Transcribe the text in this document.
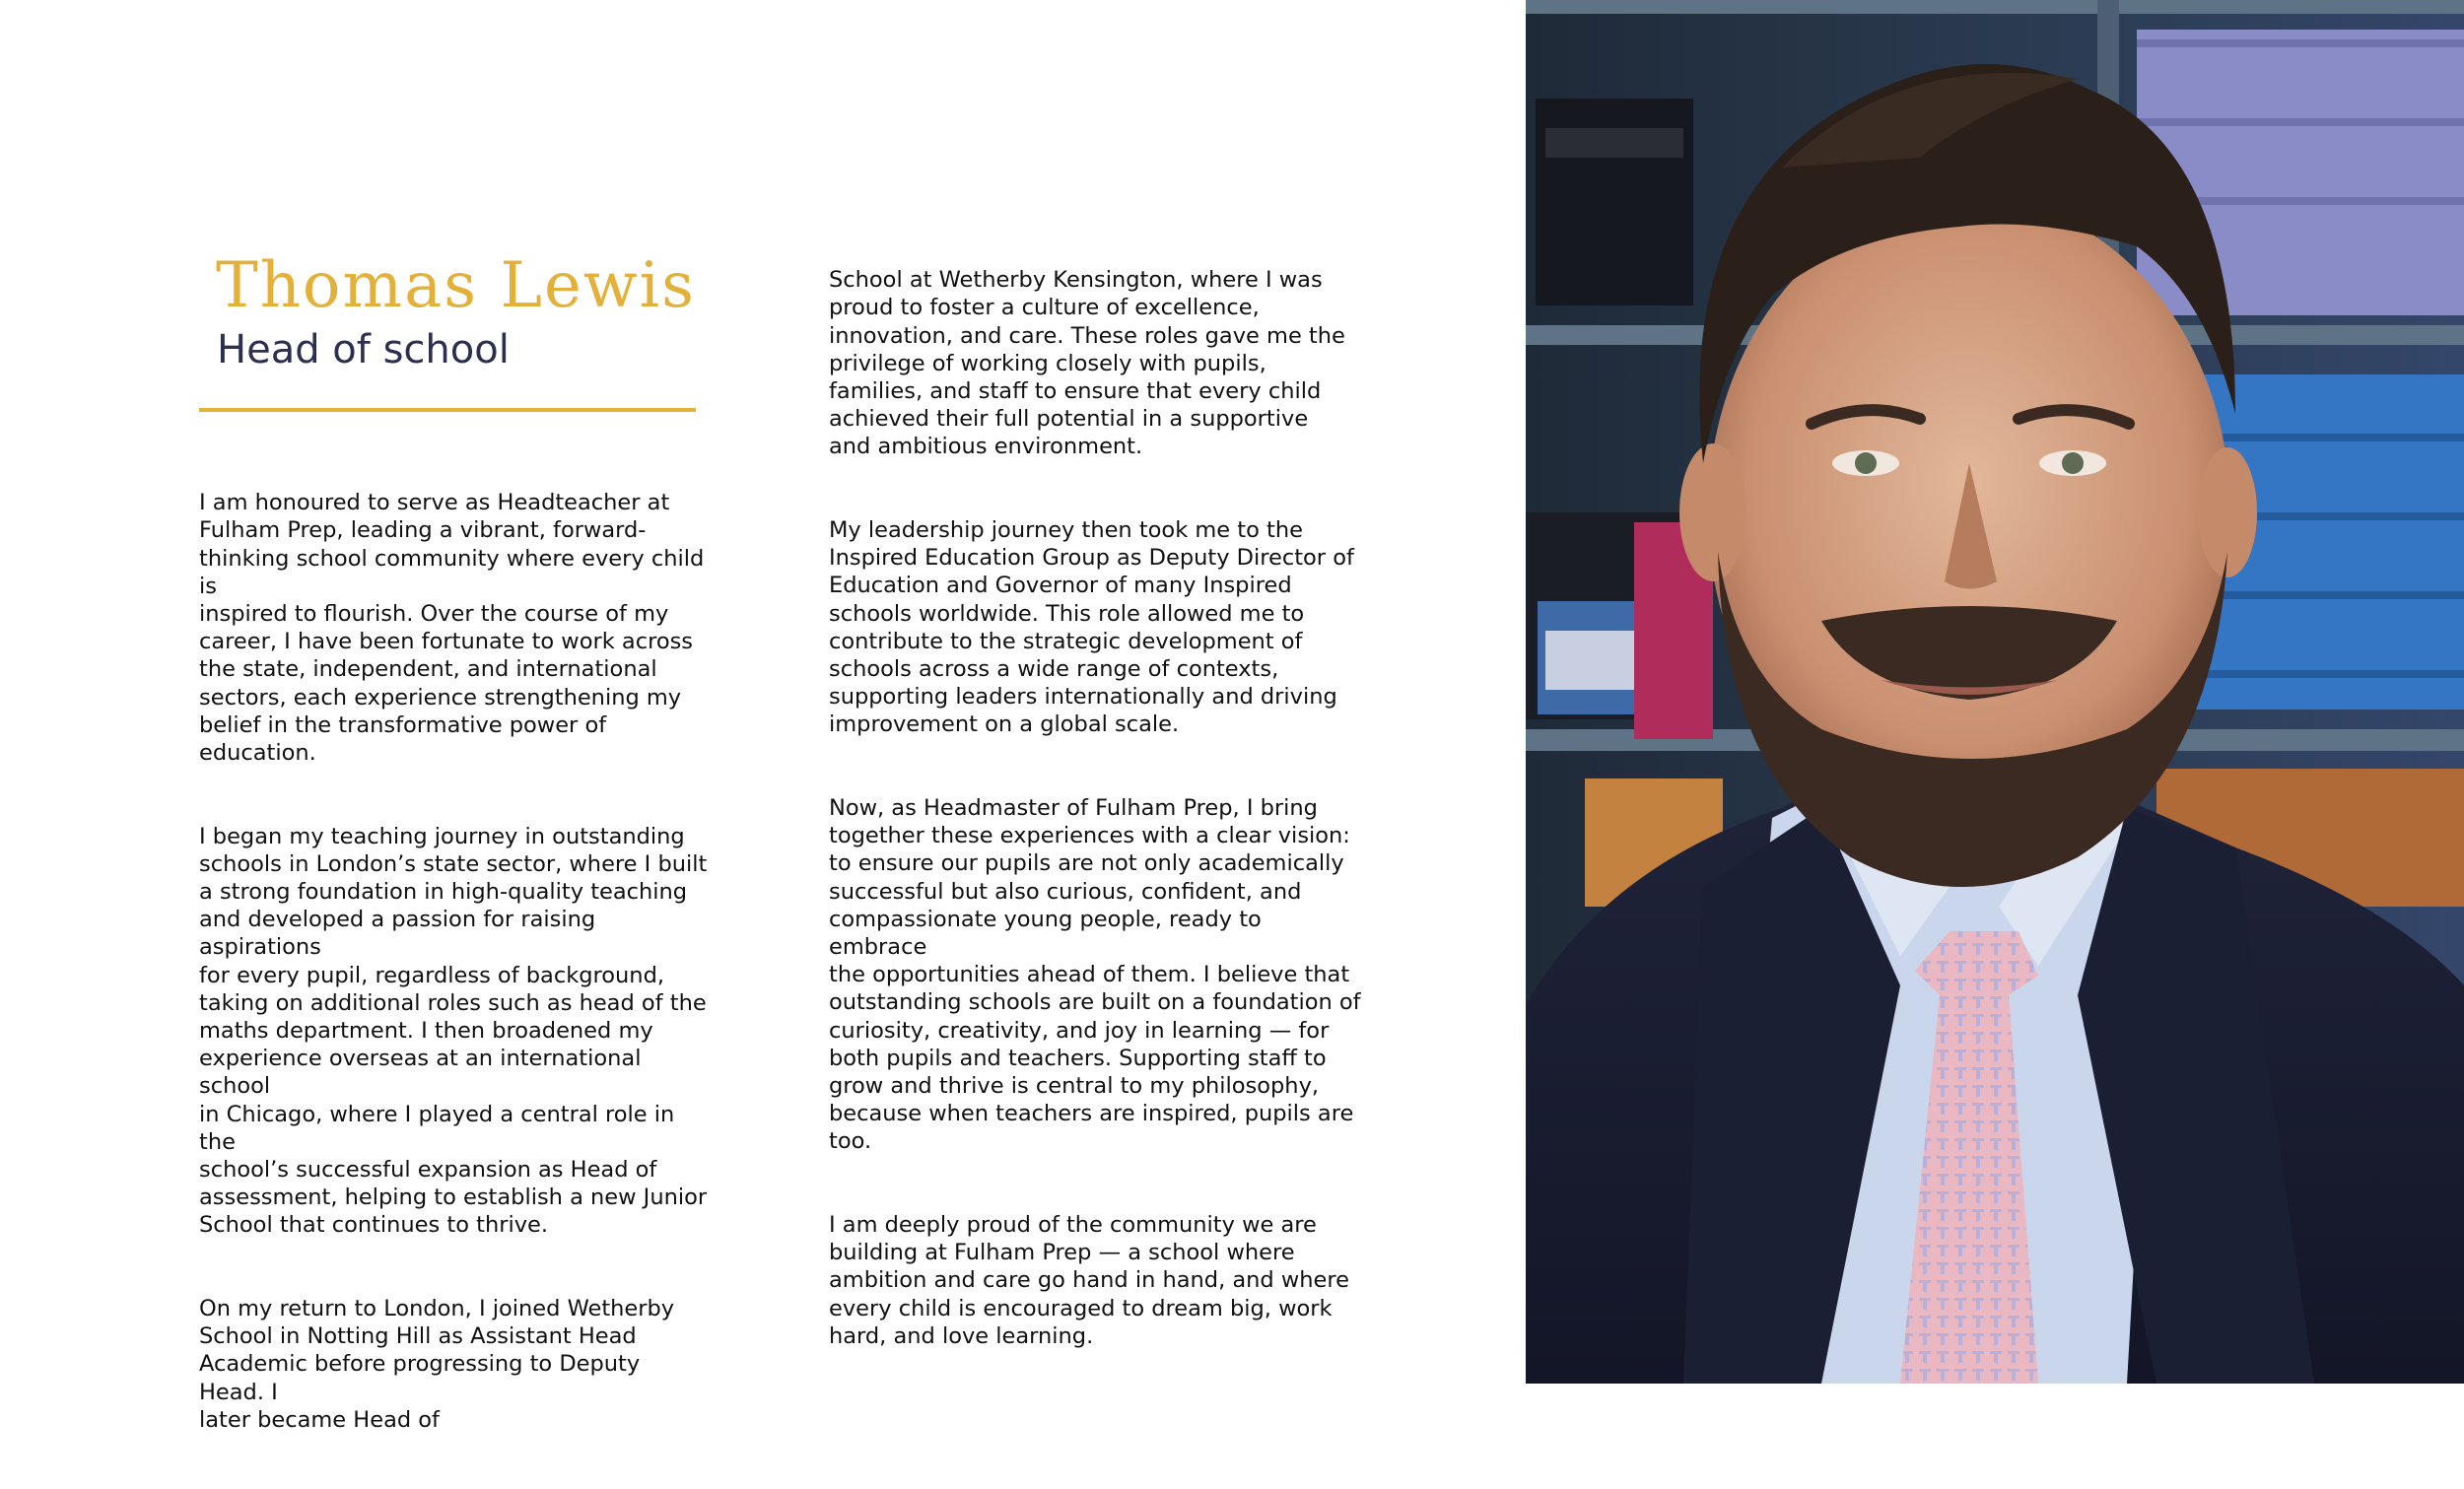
Thomas Lewis
Head of school

I am honoured to serve as Headteacher at
Fulham Prep, leading a vibrant, forward-
thinking school community where every child is
inspired to flourish. Over the course of my
career, I have been fortunate to work across
the state, independent, and international
sectors, each experience strengthening my
belief in the transformative power of
education.

I began my teaching journey in outstanding
schools in London’s state sector, where I built
a strong foundation in high-quality teaching
and developed a passion for raising aspirations
for every pupil, regardless of background,
taking on additional roles such as head of the
maths department. I then broadened my
experience overseas at an international school
in Chicago, where I played a central role in the
school’s successful expansion as Head of
assessment, helping to establish a new Junior
School that continues to thrive.

On my return to London, I joined Wetherby
School in Notting Hill as Assistant Head
Academic before progressing to Deputy Head. I
later became Head of

School at Wetherby Kensington, where I was
proud to foster a culture of excellence,
innovation, and care. These roles gave me the
privilege of working closely with pupils,
families, and staff to ensure that every child
achieved their full potential in a supportive
and ambitious environment.

My leadership journey then took me to the
Inspired Education Group as Deputy Director of
Education and Governor of many Inspired
schools worldwide. This role allowed me to
contribute to the strategic development of
schools across a wide range of contexts,
supporting leaders internationally and driving
improvement on a global scale.

Now, as Headmaster of Fulham Prep, I bring
together these experiences with a clear vision:
to ensure our pupils are not only academically
successful but also curious, confident, and
compassionate young people, ready to embrace
the opportunities ahead of them. I believe that
outstanding schools are built on a foundation of
curiosity, creativity, and joy in learning — for
both pupils and teachers. Supporting staff to
grow and thrive is central to my philosophy,
because when teachers are inspired, pupils are
too.

I am deeply proud of the community we are
building at Fulham Prep — a school where
ambition and care go hand in hand, and where
every child is encouraged to dream big, work
hard, and love learning.
